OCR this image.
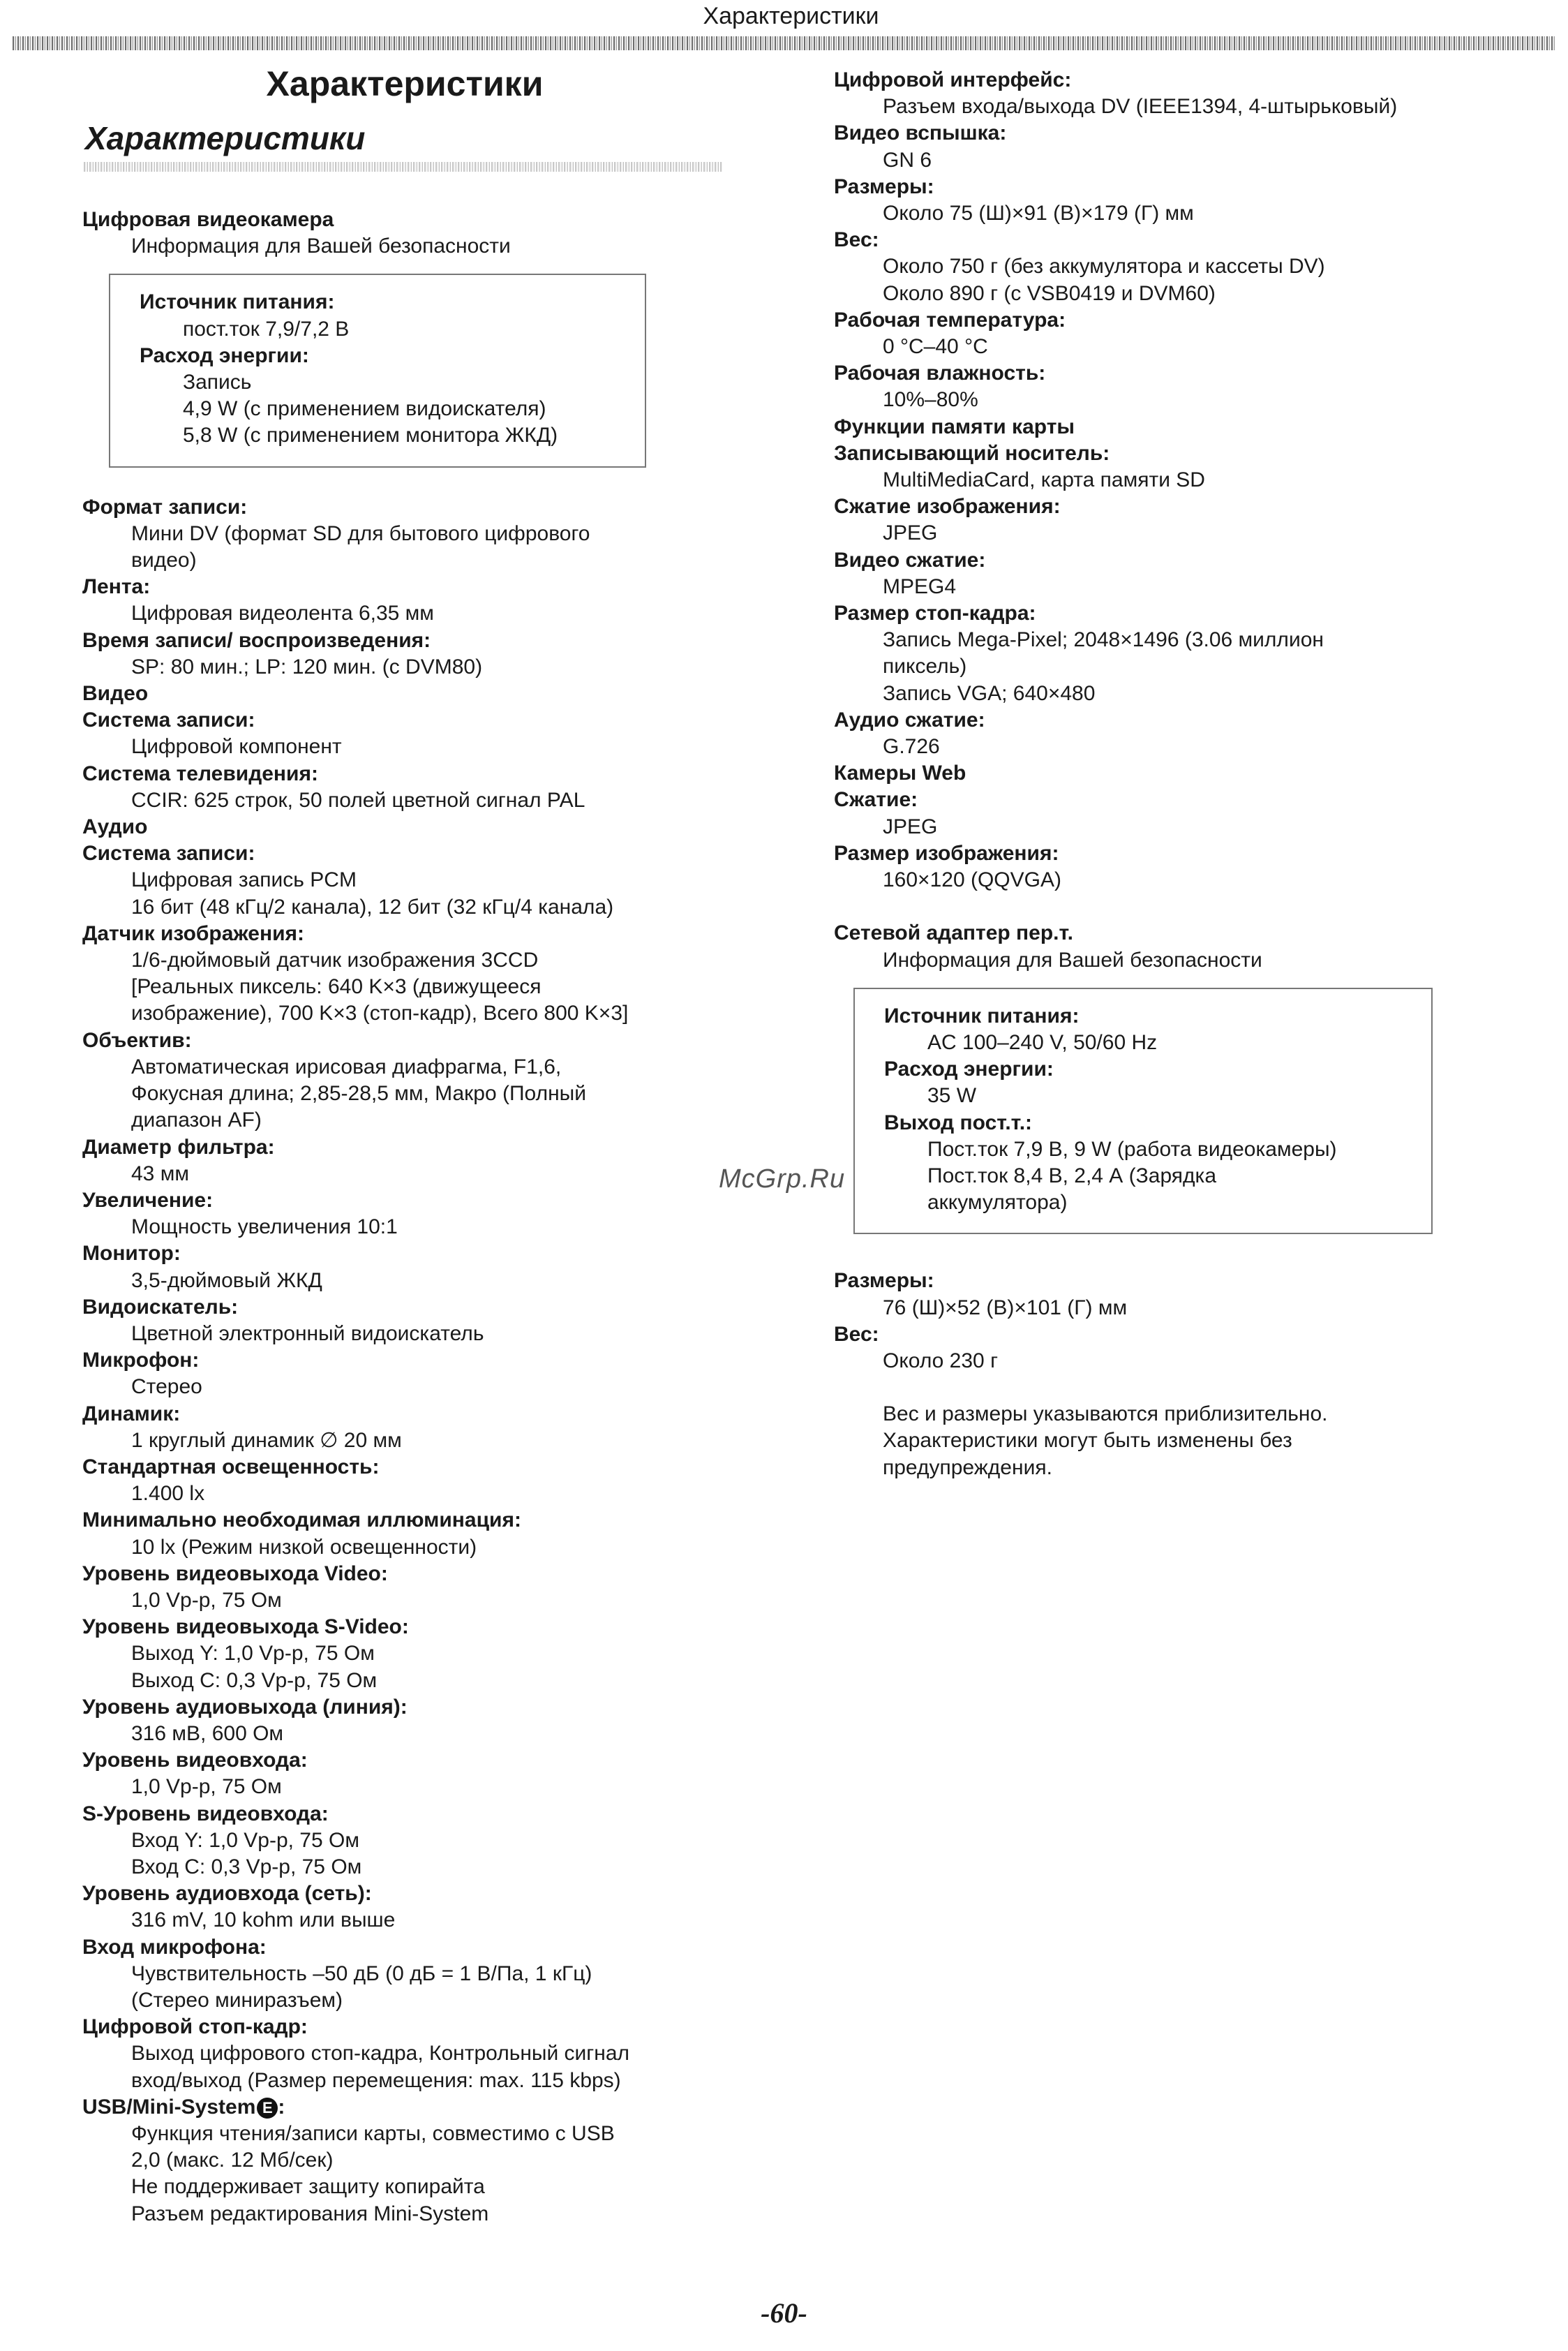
Характеристики
Характеристики
Характеристики
Цифровая видеокамера
Информация для Вашей безопасности
Источник питания:
пост.ток 7,9/7,2 В
Расход энергии:
Запись
4,9 W (с применением видоискателя)
5,8 W (с применением монитора ЖКД)
Формат записи:
Мини DV (формат SD для бытового цифрового
видео)
Лента:
Цифровая видеолента 6,35 мм
Время записи/ воспроизведения:
SP: 80 мин.; LP: 120 мин. (с DVM80)
Видео
Система записи:
Цифровой компонент
Система телевидения:
CCIR: 625 строк, 50 полей цветной сигнал PAL
Аудио
Система записи:
Цифровая запись PCM
16 бит (48 кГц/2 канала), 12 бит (32 кГц/4 канала)
Датчик изображения:
1/6-дюймовый датчик изображения 3CCD
[Реальных пиксель: 640 K×3 (движущееся
изображение), 700 K×3 (стоп-кадр), Всего 800 K×3]
Объектив:
Автоматическая ирисовая диафрагма, F1,6,
Фокусная длина; 2,85-28,5 мм, Макро (Полный
диапазон AF)
Диаметр фильтра:
43 мм
Увеличение:
Мощность увеличения 10:1
Монитор:
3,5-дюймовый ЖКД
Видоискатель:
Цветной электронный видоискатель
Микрофон:
Стерео
Динамик:
1 круглый динамик ∅ 20 мм
Стандартная освещенность:
1.400 lx
Минимально необходимая иллюминация:
10 lx (Режим низкой освещенности)
Уровень видеовыхода Video:
1,0 Vp-p, 75 Ом
Уровень видеовыхода S-Video:
Выход Y: 1,0 Vp-p, 75 Ом
Выход C: 0,3 Vp-p, 75 Ом
Уровень аудиовыхода (линия):
316 мВ, 600 Ом
Уровень видеовхода:
1,0 Vp-p, 75 Ом
S-Уровень видеовхода:
Вход Y: 1,0 Vp-p, 75 Ом
Вход C: 0,3 Vp-p, 75 Ом
Уровень аудиовхода (сеть):
316 mV, 10 kohm или выше
Вход микрофона:
Чувствительность –50 дБ (0 дБ = 1 В/Па, 1 кГц)
(Стерео миниразъем)
Цифровой стоп-кадр:
Выход цифрового стоп-кадра, Контрольный сигнал
вход/выход (Размер перемещения: max. 115 kbps)
USB/Mini-System E :
Функция чтения/записи карты, совместимо с USB
2,0 (макс. 12 Мб/сек)
Не поддерживает защиту копирайта
Разъем редактирования Mini-System
Цифровой интерфейс:
Разъем входа/выхода DV (IEEE1394, 4-штырьковый)
Видео вспышка:
GN 6
Размеры:
Около 75 (Ш)×91 (В)×179 (Г) мм
Вес:
Около 750 г (без аккумулятора и кассеты DV)
Около 890 г (с VSB0419 и DVM60)
Рабочая температура:
0 °C–40 °C
Рабочая влажность:
10%–80%
Функции памяти карты
Записывающий носитель:
MultiMediaCard, карта памяти SD
Сжатие изображения:
JPEG
Видео сжатие:
MPEG4
Размер стоп-кадра:
Запись Mega-Pixel; 2048×1496 (3.06 миллион
пиксель)
Запись VGA; 640×480
Аудио сжатие:
G.726
Камеры Web
Сжатие:
JPEG
Размер изображения:
160×120 (QQVGA)
Сетевой адаптер пер.т.
Информация для Вашей безопасности
Источник питания:
AC 100–240 V, 50/60 Hz
Расход энергии:
35 W
Выход пост.т.:
Пост.ток 7,9 В, 9 W (работа видеокамеры)
Пост.ток 8,4 В, 2,4 А (Зарядка
аккумулятора)
Размеры:
76 (Ш)×52 (В)×101 (Г) мм
Вес:
Около 230 г
Вес и размеры указываются приблизительно.
Характеристики могут быть изменены без
предупреждения.
McGrp.Ru
-60-
